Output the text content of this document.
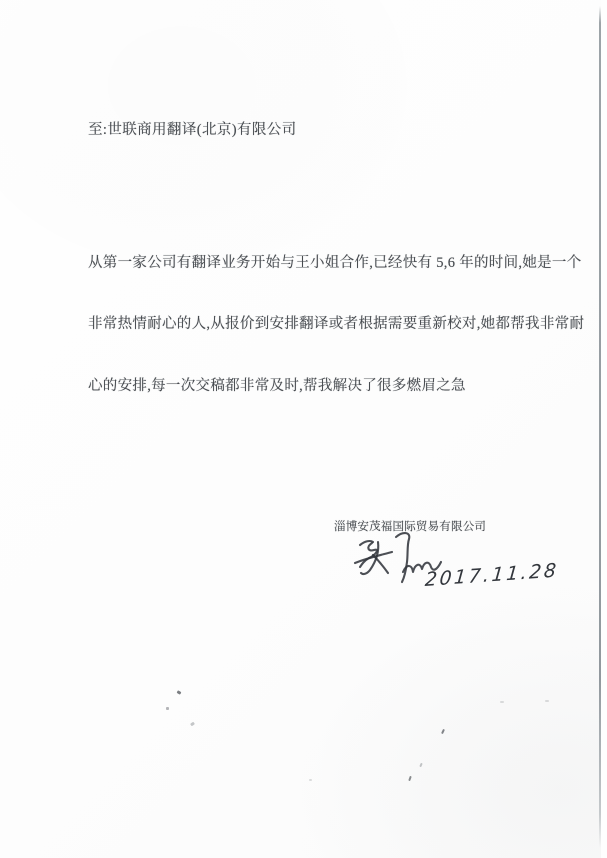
至:世联商用翻译(北京)有限公司
从第一家公司有翻译业务开始与王小姐合作,已经快有 5,6 年的时间,她是一个
非常热情耐心的人,从报价到安排翻译或者根据需要重新校对,她都帮我非常耐
心的安排,每一次交稿都非常及时,帮我解决了很多燃眉之急
淄博安茂福国际贸易有限公司
2017.11.28
